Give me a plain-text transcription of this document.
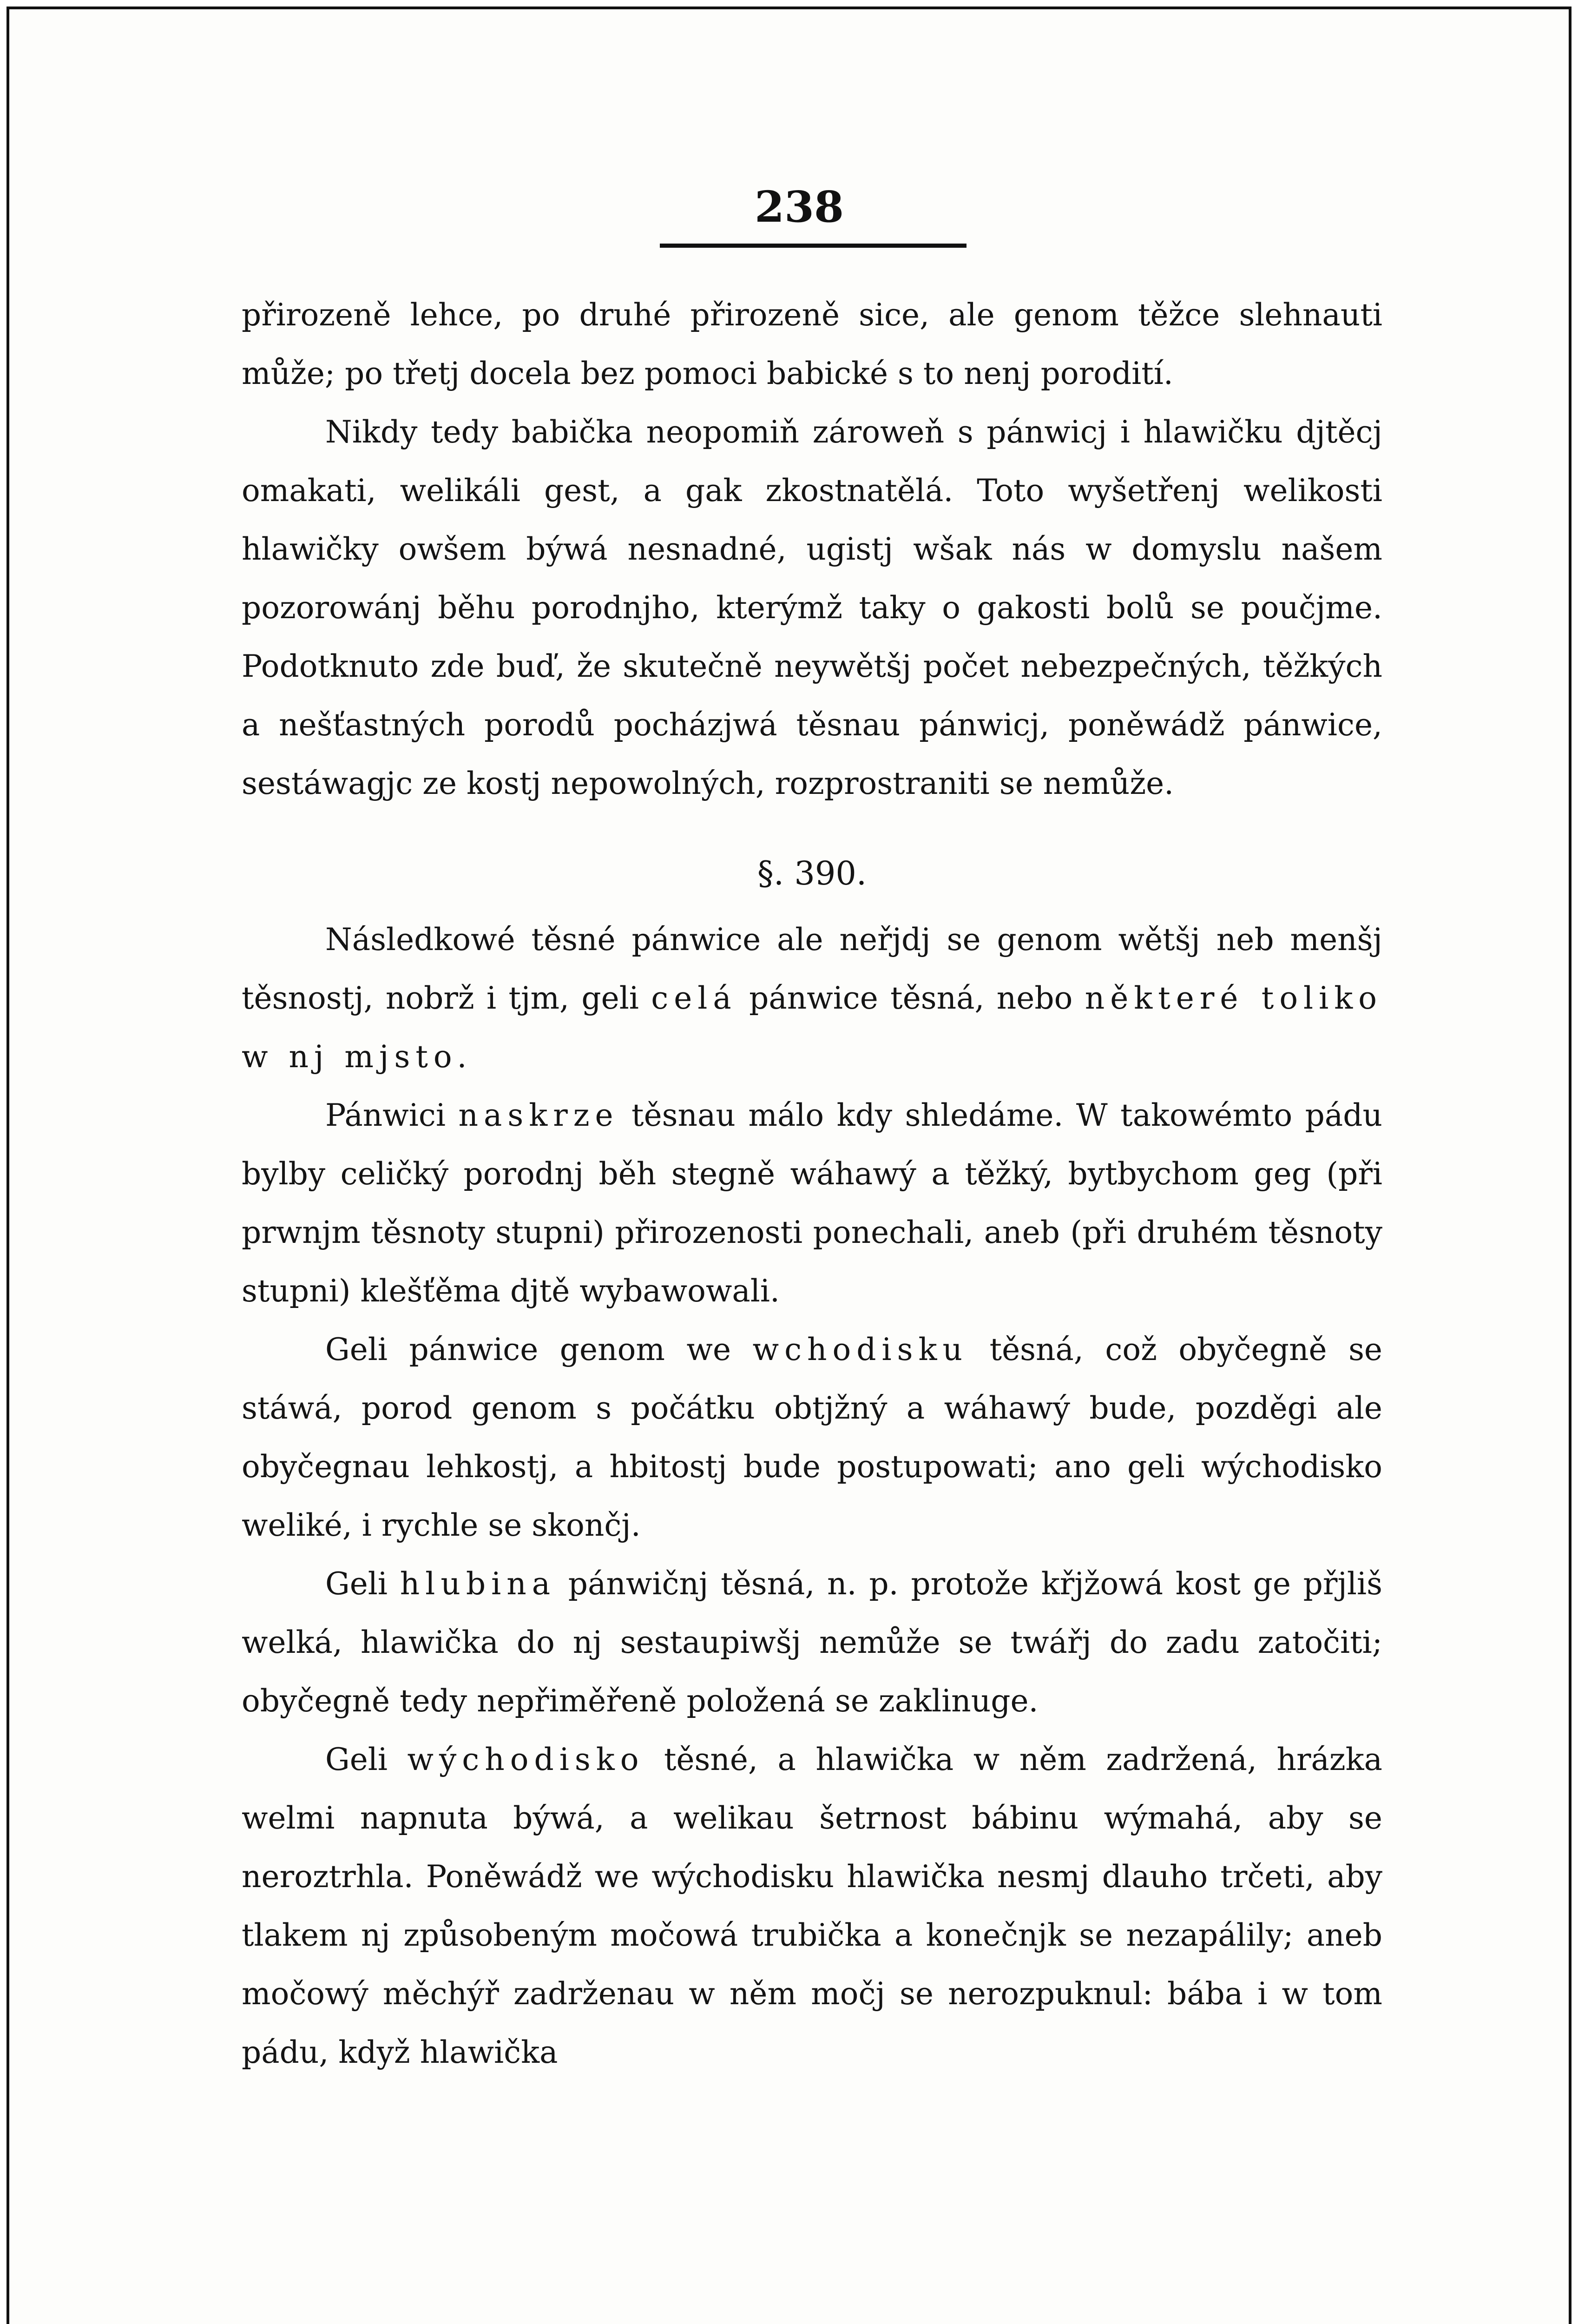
238

přirozeně lehce, po druhé přirozeně sice, ale genom těžce slehnauti může; po třetj docela bez pomoci babické s to nenj porodití.

Nikdy tedy babička neopomiň zároweň s pánwicj i hlawičku djtěcj omakati, welikáli gest, a gak zkostnatělá. Toto wyšetřenj welikosti hlawičky owšem býwá nesnadné, ugistj wšak nás w domyslu našem pozorowánj běhu porodnjho, kterýmž taky o gakosti bolů se poučjme. Podotknuto zde buď, že skutečně neywětšj počet nebezpečných, těžkých a nešťastných porodů pocházjwá těsnau pánwicj, poněwádž pánwice, sestáwagjc ze kostj nepowolných, rozprostraniti se nemůže.

§. 390.

Následkowé těsné pánwice ale neřjdj se genom wětšj neb menšj těsnostj, nobrž i tjm, geli celá pánwice těsná, nebo některé toliko w nj mjsto.

Pánwici naskrze těsnau málo kdy shledáme. W takowémto pádu bylby celičký porodnj běh stegně wáhawý a těžký, bytbychom geg (při prwnjm těsnoty stupni) přirozenosti ponechali, aneb (při druhém těsnoty stupni) klešťěma djtě wybawowali.

Geli pánwice genom we wchodisku těsná, což obyčegně se stáwá, porod genom s počátku obtjžný a wáhawý bude, pozděgi ale obyčegnau lehkostj, a hbitostj bude postupowati; ano geli wýchodisko weliké, i rychle se skončj.

Geli hlubina pánwičnj těsná, n. p. protože křjžowá kost ge přjliš welká, hlawička do nj sestaupiwšj nemůže se twářj do zadu zatočiti; obyčegně tedy nepřiměřeně položená se zaklinuge.

Geli wýchodisko těsné, a hlawička w něm zadržená, hrázka welmi napnuta býwá, a welikau šetrnost bábinu wýmahá, aby se neroztrhla. Poněwádž we wýchodisku hlawička nesmj dlauho trčeti, aby tlakem nj způsobeným močowá trubička a konečnjk se nezapálily; aneb močowý měchýř zadrženau w něm močj se nerozpuknul: bába i w tom pádu, když hlawička
